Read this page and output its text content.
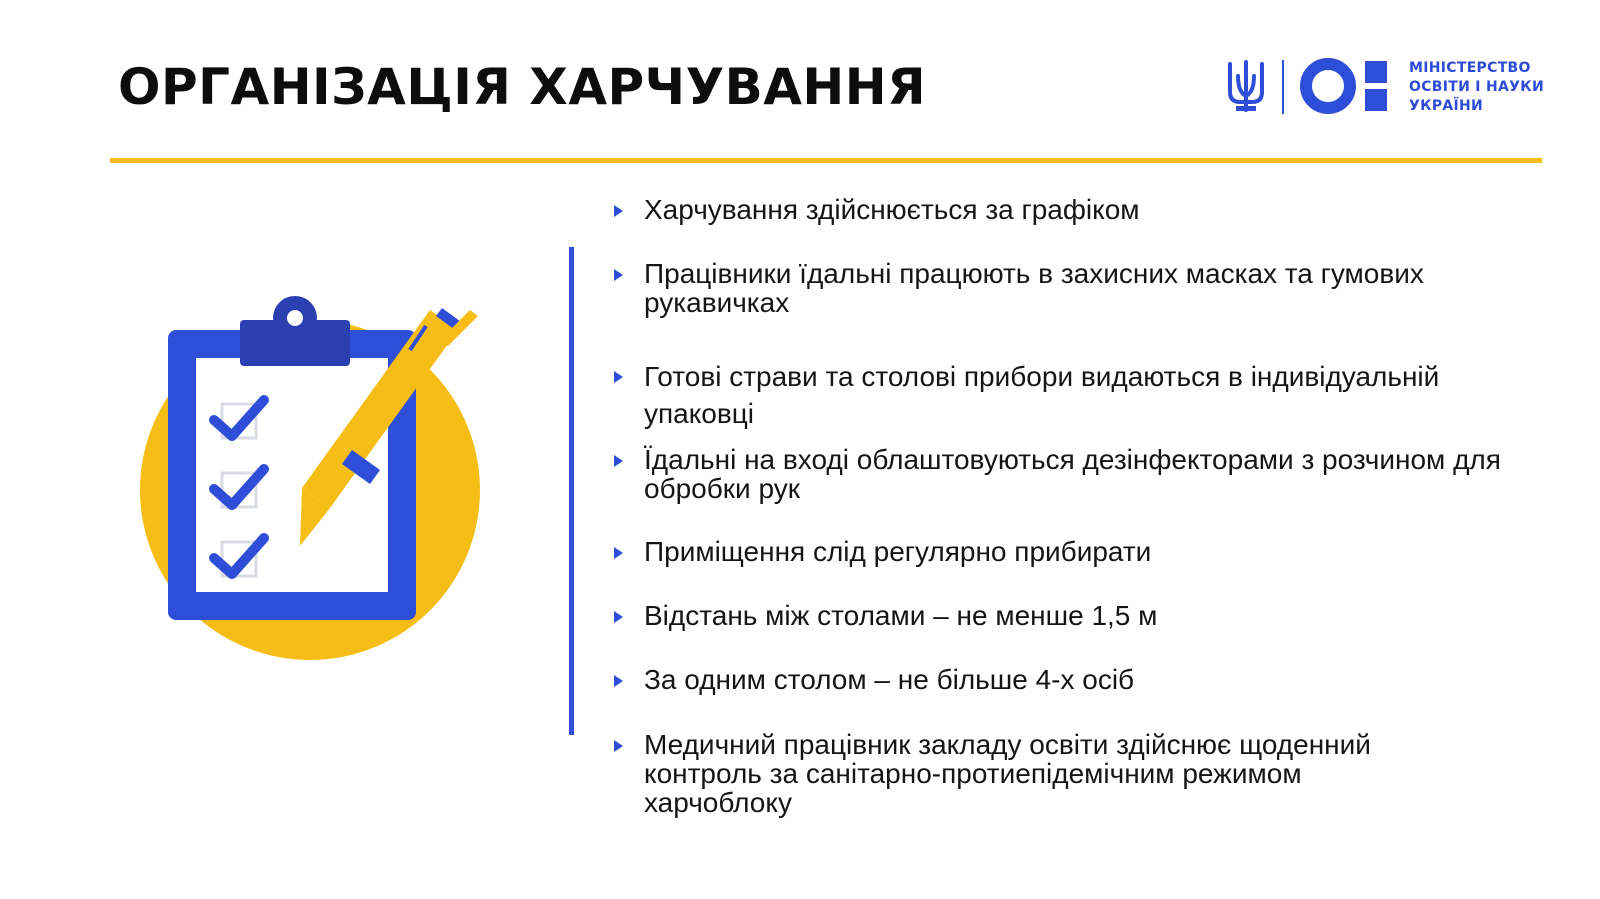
ОРГАНІЗАЦІЯ ХАРЧУВАННЯ	МІНІСТЕРСТВО
ОСВІТИ І НАУКИ
УКРАЇНИ
Харчування здійснюється за графіком
Працівники їдальні працюють в захисних масках та гумових рукавичках
Готові страви та столові прибори видаються в індивідуальній упаковці
Їдальні на вході облаштовуються дезінфекторами з розчином для обробки рук
Приміщення слід регулярно прибирати
Відстань між столами – не менше 1,5 м
За одним столом – не більше 4-х осіб
Медичний працівник закладу освіти здійснює щоденний контроль за санітарно-протиепідемічним режимом харчоблоку
